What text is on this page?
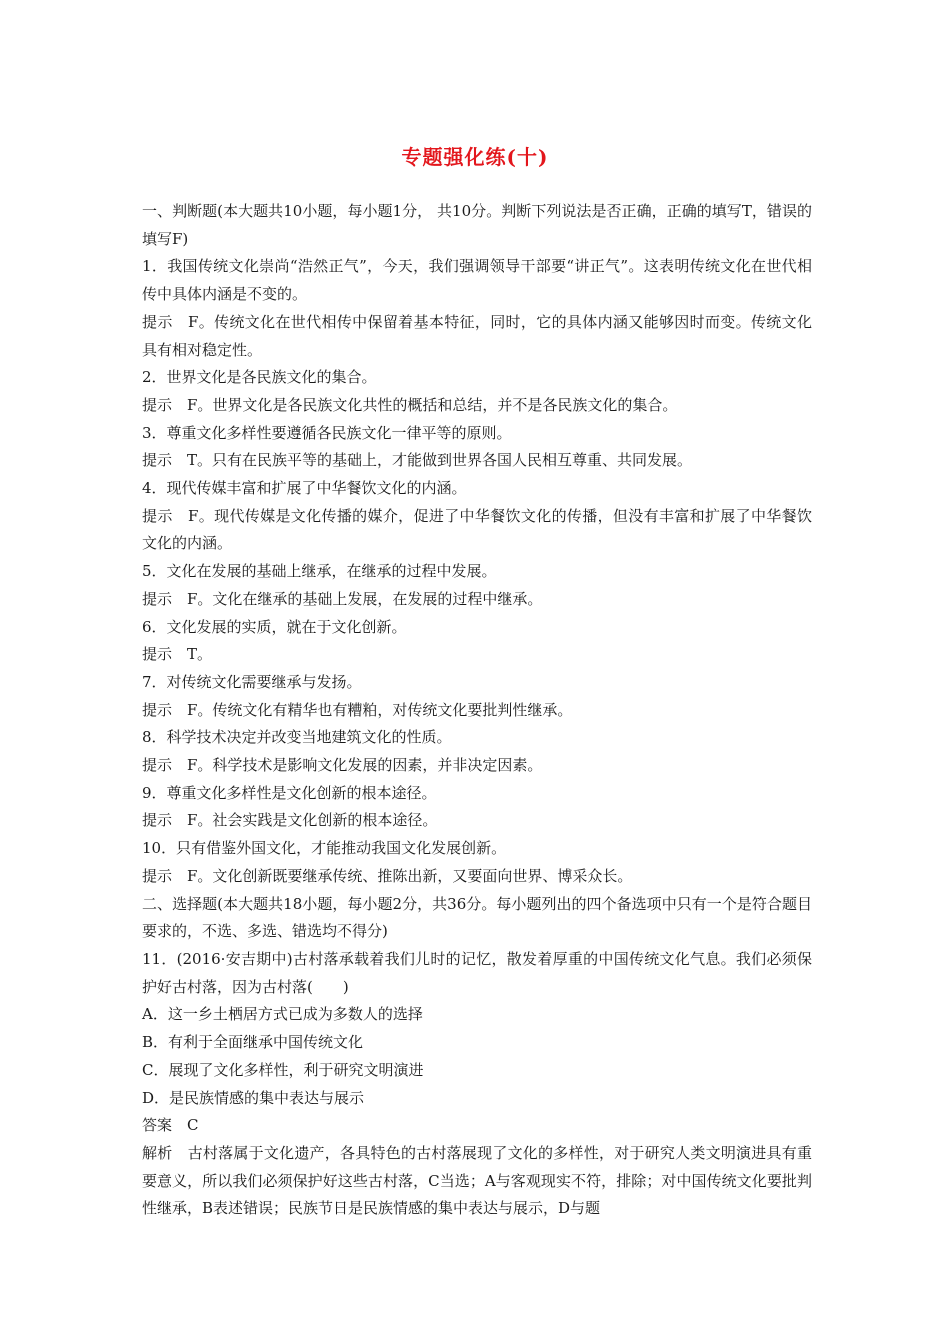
专题强化练(十)

一、判断题(本大题共10小题，每小题1分， 共10分。判断下列说法是否正确，正确的填写T，错误的填写F)

1．我国传统文化崇尚“浩然正气”，今天，我们强调领导干部要“讲正气”。这表明传统文化在世代相传中具体内涵是不变的。

提示　F。传统文化在世代相传中保留着基本特征，同时，它的具体内涵又能够因时而变。传统文化具有相对稳定性。

2．世界文化是各民族文化的集合。

提示　F。世界文化是各民族文化共性的概括和总结，并不是各民族文化的集合。

3．尊重文化多样性要遵循各民族文化一律平等的原则。

提示　T。只有在民族平等的基础上，才能做到世界各国人民相互尊重、共同发展。

4．现代传媒丰富和扩展了中华餐饮文化的内涵。

提示　F。现代传媒是文化传播的媒介，促进了中华餐饮文化的传播，但没有丰富和扩展了中华餐饮文化的内涵。

5．文化在发展的基础上继承，在继承的过程中发展。

提示　F。文化在继承的基础上发展，在发展的过程中继承。

6．文化发展的实质，就在于文化创新。

提示　T。

7．对传统文化需要继承与发扬。

提示　F。传统文化有精华也有糟粕，对传统文化要批判性继承。

8．科学技术决定并改变当地建筑文化的性质。

提示　F。科学技术是影响文化发展的因素，并非决定因素。

9．尊重文化多样性是文化创新的根本途径。

提示　F。社会实践是文化创新的根本途径。

10．只有借鉴外国文化，才能推动我国文化发展创新。

提示　F。文化创新既要继承传统、推陈出新，又要面向世界、博采众长。

二、选择题(本大题共18小题，每小题2分，共36分。每小题列出的四个备选项中只有一个是符合题目要求的，不选、多选、错选均不得分)

11．(2016·安吉期中)古村落承载着我们儿时的记忆，散发着厚重的中国传统文化气息。我们必须保护好古村落，因为古村落(　　)

A．这一乡土栖居方式已成为多数人的选择

B．有利于全面继承中国传统文化

C．展现了文化多样性，利于研究文明演进

D．是民族情感的集中表达与展示

答案　C

解析　古村落属于文化遗产，各具特色的古村落展现了文化的多样性，对于研究人类文明演进具有重要意义，所以我们必须保护好这些古村落，C当选；A与客观现实不符，排除；对中国传统文化要批判性继承，B表述错误；民族节日是民族情感的集中表达与展示，D与题
